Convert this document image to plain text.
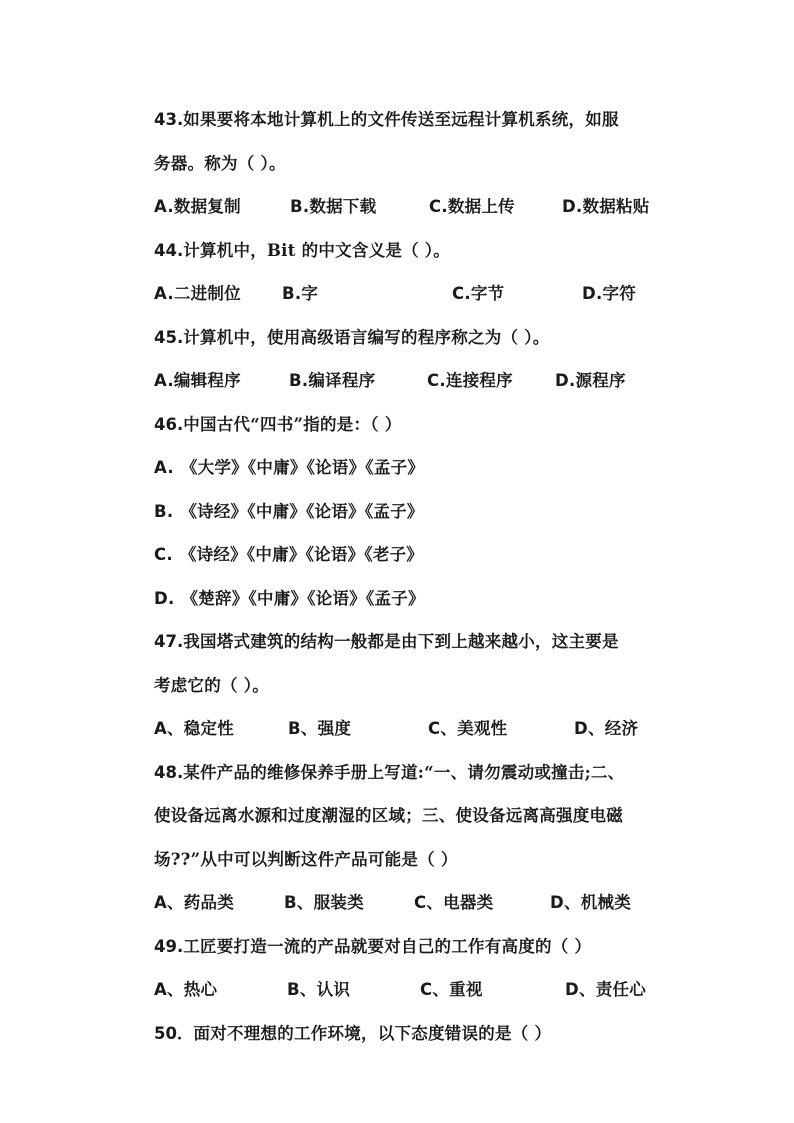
43.如果要将本地计算机上的文件传送至远程计算机系统，如服
务器。称为（ ）。
A.数据复制	B.数据下载	C.数据上传	D.数据粘贴
44.计算机中，Bit 的中文含义是（ ）。
A.二进制位 B.字	C.字节	D.字符
45.计算机中，使用高级语言编写的程序称之为（ ）。
A.编辑程序	B.编译程序	C.连接程序	D.源程序
46.中国古代“四书”指的是：（ ）
A. 《大学》《中庸》《论语》《孟子》
B. 《诗经》《中庸》《论语》《孟子》
C. 《诗经》《中庸》《论语》《老子》
D. 《楚辞》《中庸》《论语》《孟子》
47.我国塔式建筑的结构一般都是由下到上越来越小，这主要是
考虑它的（ ）。
A、稳定性	B、强度	C、美观性	D、经济
48.某件产品的维修保养手册上写道:“一、请勿震动或撞击;二、
使设备远离水源和过度潮湿的区域；三、使设备远离高强度电磁
场??”从中可以判断这件产品可能是（ ）
A、药品类	B、服装类	C、电器类	D、机械类
49.工匠要打造一流的产品就要对自己的工作有高度的（ ）
A、热心	B、认识	C、重视	D、责任心
50．面对不理想的工作环境，以下态度错误的是（ ）
